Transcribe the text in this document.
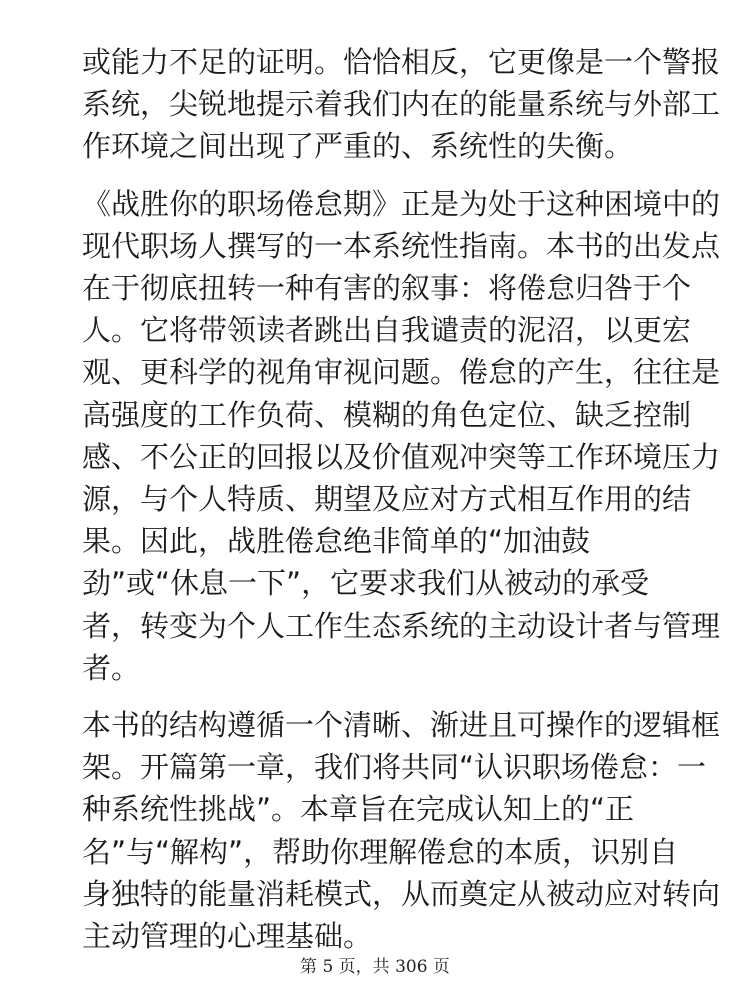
或能力不足的证明。恰恰相反，它更像是一个警报
系统，尖锐地提示着我们内在的能量系统与外部工
作环境之间出现了严重的、系统性的失衡。

《战胜你的职场倦怠期》正是为处于这种困境中的
现代职场人撰写的一本系统性指南。本书的出发点
在于彻底扭转一种有害的叙事：将倦怠归咎于个
人。它将带领读者跳出自我谴责的泥沼，以更宏
观、更科学的视角审视问题。倦怠的产生，往往是
高强度的工作负荷、模糊的角色定位、缺乏控制
感、不公正的回报以及价值观冲突等工作环境压力
源，与个人特质、期望及应对方式相互作用的结
果。因此，战胜倦怠绝非简单的“加油鼓
劲”或“休息一下”，它要求我们从被动的承受
者，转变为个人工作生态系统的主动设计者与管理
者。

本书的结构遵循一个清晰、渐进且可操作的逻辑框
架。开篇第一章，我们将共同“认识职场倦怠：一
种系统性挑战”。本章旨在完成认知上的“正
名”与“解构”，帮助你理解倦怠的本质，识别自
身独特的能量消耗模式，从而奠定从被动应对转向
主动管理的心理基础。

第 5 页，共 306 页
